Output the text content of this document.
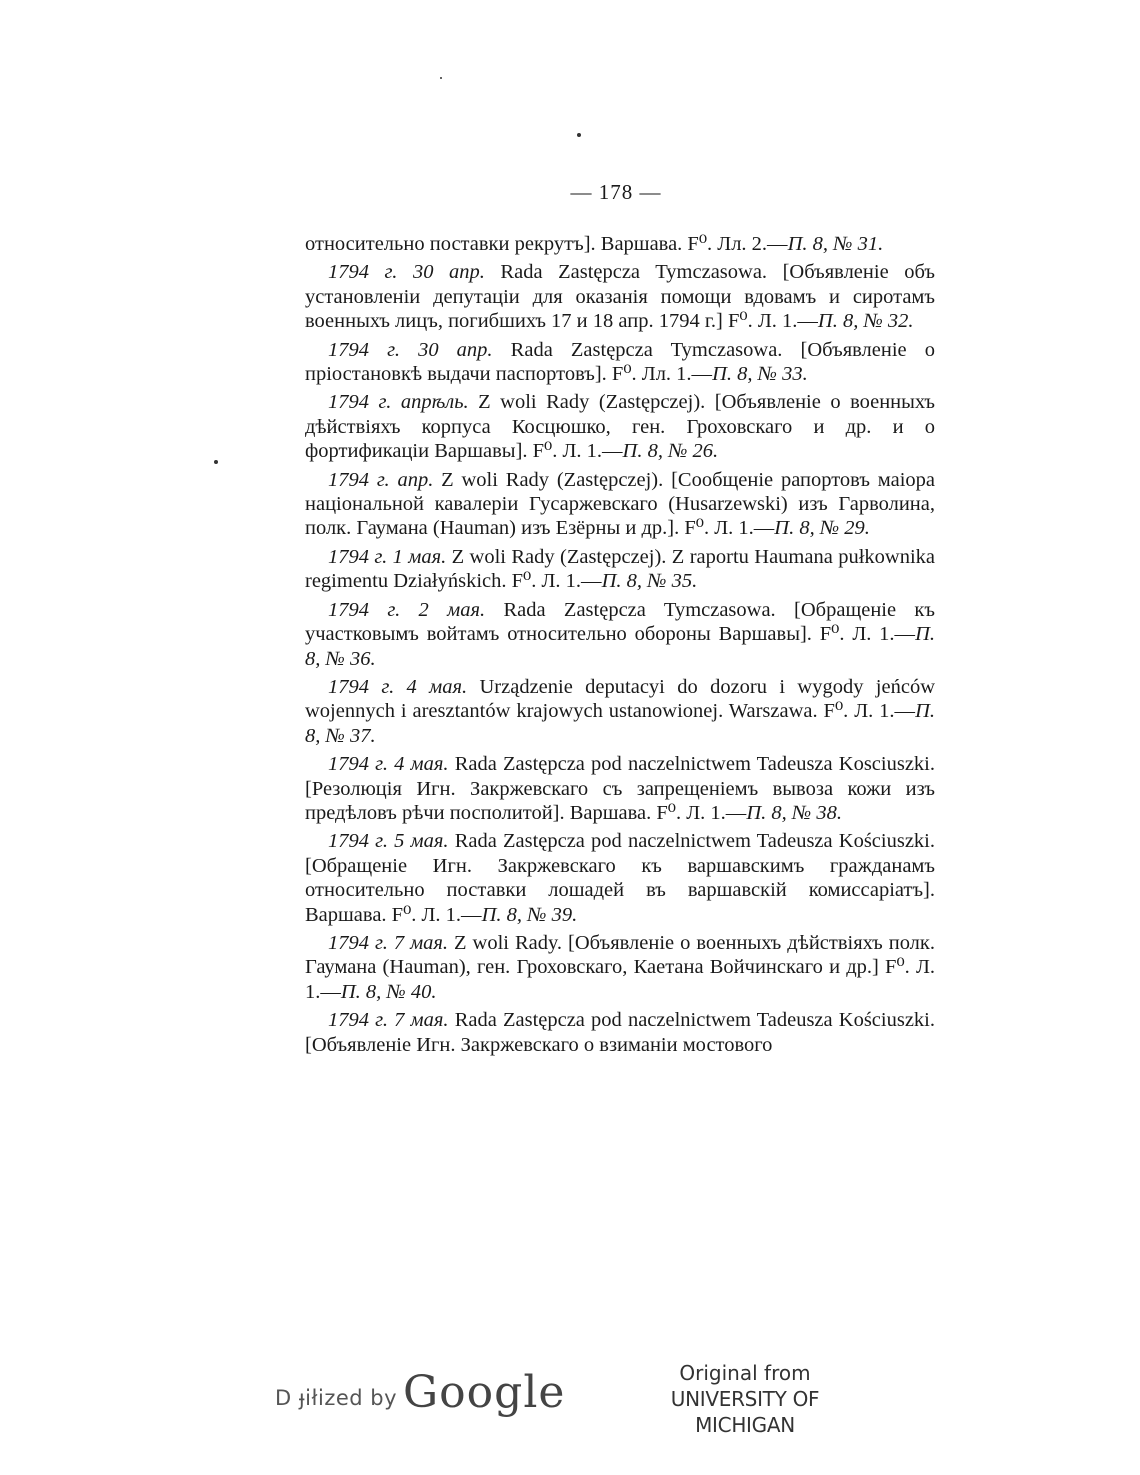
— 178 —

относительно поставки рекрутъ]. Варшава. F⁰. Лл. 2.—П. 8, № 31.

1794 г. 30 апр. Rada Zastępcza Tymczasowa. [Объявленіе объ установленіи депутаціи для оказанія помощи вдовамъ и сиротамъ военныхъ лицъ, погибшихъ 17 и 18 апр. 1794 г.] F⁰. Л. 1.—П. 8, № 32.

1794 г. 30 апр. Rada Zastępcza Tymczasowa. [Объявленіе о пріостановкѣ выдачи паспортовъ]. F⁰. Лл. 1.—П. 8, № 33.

1794 г. апрѣль. Z woli Rady (Zastępczej). [Объявленіе о военныхъ дѣйствіяхъ корпуса Косцюшко, ген. Гроховскаго и др. и о фортификаціи Варшавы]. F⁰. Л. 1.—П. 8, № 26.

1794 г. апр. Z woli Rady (Zastępczej). [Сообщеніе рапортовъ маіора національной кавалеріи Гусаржевскаго (Husarzewski) изъ Гарволина, полк. Гаумана (Hauman) изъ Езёрны и др.]. F⁰. Л. 1.—П. 8, № 29.

1794 г. 1 мая. Z woli Rady (Zastępczej). Z raportu Haumana pułkownika regimentu Działyńskich. F⁰. Л. 1.—П. 8, № 35.

1794 г. 2 мая. Rada Zastępcza Tymczasowa. [Обращеніе къ участковымъ войтамъ относительно обороны Варшавы]. F⁰. Л. 1.—П. 8, № 36.

1794 г. 4 мая. Urządzenie deputacyi do dozoru i wygody jeńców wojennych i aresztantów krajowych ustanowionej. Warszawa. F⁰. Л. 1.—П. 8, № 37.

1794 г. 4 мая. Rada Zastępcza pod naczelnictwem Tadeusza Kosciuszki. [Резолюція Игн. Закржевскаго съ запрещеніемъ вывоза кожи изъ предѣловъ рѣчи посполитой]. Варшава. F⁰. Л. 1.—П. 8, № 38.

1794 г. 5 мая. Rada Zastępcza pod naczelnictwem Tadeusza Kościuszki. [Обращеніе Игн. Закржевскаго къ варшавскимъ гражданамъ относительно поставки лошадей въ варшавскій комиссаріатъ]. Варшава. F⁰. Л. 1.—П. 8, № 39.

1794 г. 7 мая. Z woli Rady. [Объявленіе о военныхъ дѣйствіяхъ полк. Гаумана (Hauman), ген. Гроховскаго, Каетана Войчинскаго и др.] F⁰. Л. 1.—П. 8, № 40.

1794 г. 7 мая. Rada Zastępcza pod naczelnictwem Tadeusza Kościuszki. [Объявленіе Игн. Закржевскаго о взиманіи мостового

D ɟiłized by Google	Original from
UNIVERSITY OF MICHIGAN
